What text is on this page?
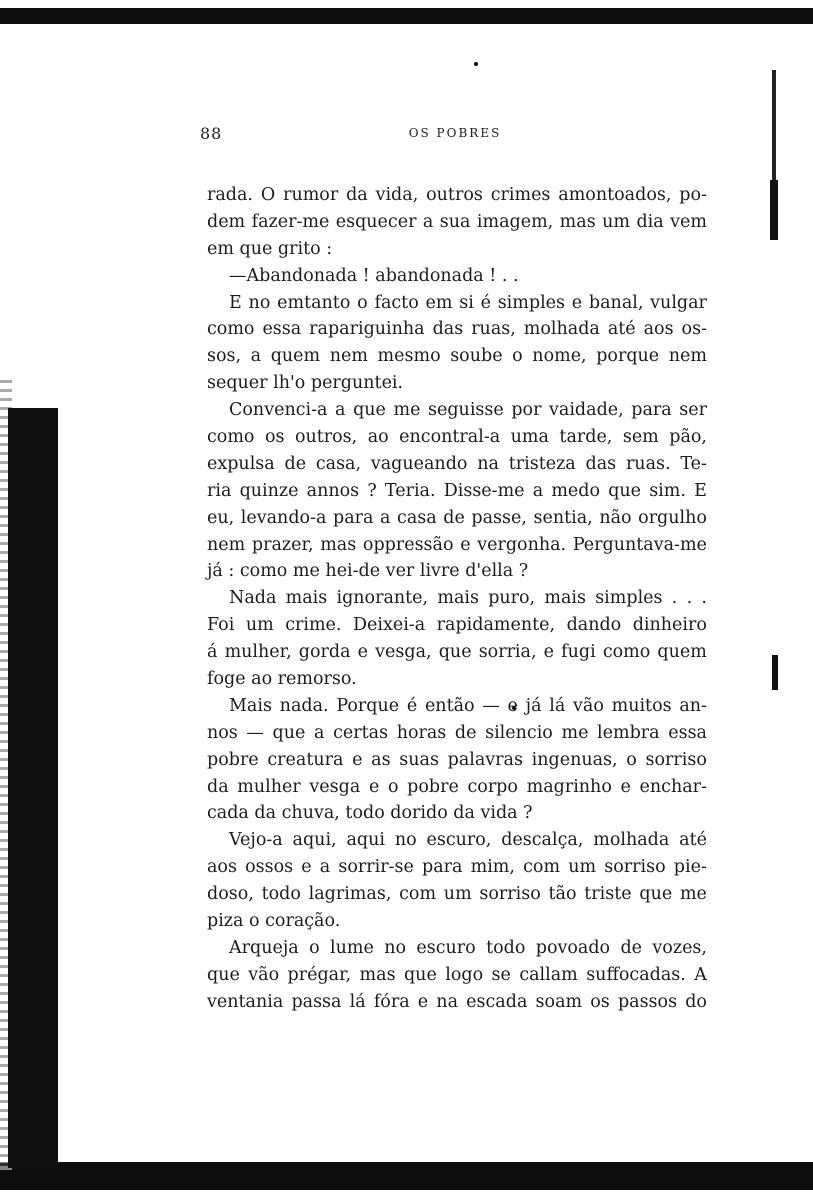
88	OS POBRES
rada. O rumor da vida, outros crimes amontoados, po-
dem fazer-me esquecer a sua imagem, mas um dia vem
em que grito :
—Abandonada ! abandonada ! . .
E no emtanto o facto em si é simples e banal, vulgar
como essa rapariguinha das ruas, molhada até aos os-
sos, a quem nem mesmo soube o nome, porque nem
sequer lh'o perguntei.
Convenci-a a que me seguisse por vaidade, para ser
como os outros, ao encontral-a uma tarde, sem pão,
expulsa de casa, vagueando na tristeza das ruas. Te-
ria quinze annos ? Teria. Disse-me a medo que sim. E
eu, levando-a para a casa de passe, sentia, não orgulho
nem prazer, mas oppressão e vergonha. Perguntava-me
já : como me hei-de ver livre d'ella ?
Nada mais ignorante, mais puro, mais simples . . .
Foi um crime. Deixei-a rapidamente, dando dinheiro
á mulher, gorda e vesga, que sorria, e fugi como quem
foge ao remorso.
Mais nada. Porque é então — e já lá vão muitos an-
nos — que a certas horas de silencio me lembra essa
pobre creatura e as suas palavras ingenuas, o sorriso
da mulher vesga e o pobre corpo magrinho e enchar-
cada da chuva, todo dorido da vida ?
Vejo-a aqui, aqui no escuro, descalça, molhada até
aos ossos e a sorrir-se para mim, com um sorriso pie-
doso, todo lagrimas, com um sorriso tão triste que me
piza o coração.
Arqueja o lume no escuro todo povoado de vozes,
que vão prégar, mas que logo se callam suffocadas. A
ventania passa lá fóra e na escada soam os passos do
